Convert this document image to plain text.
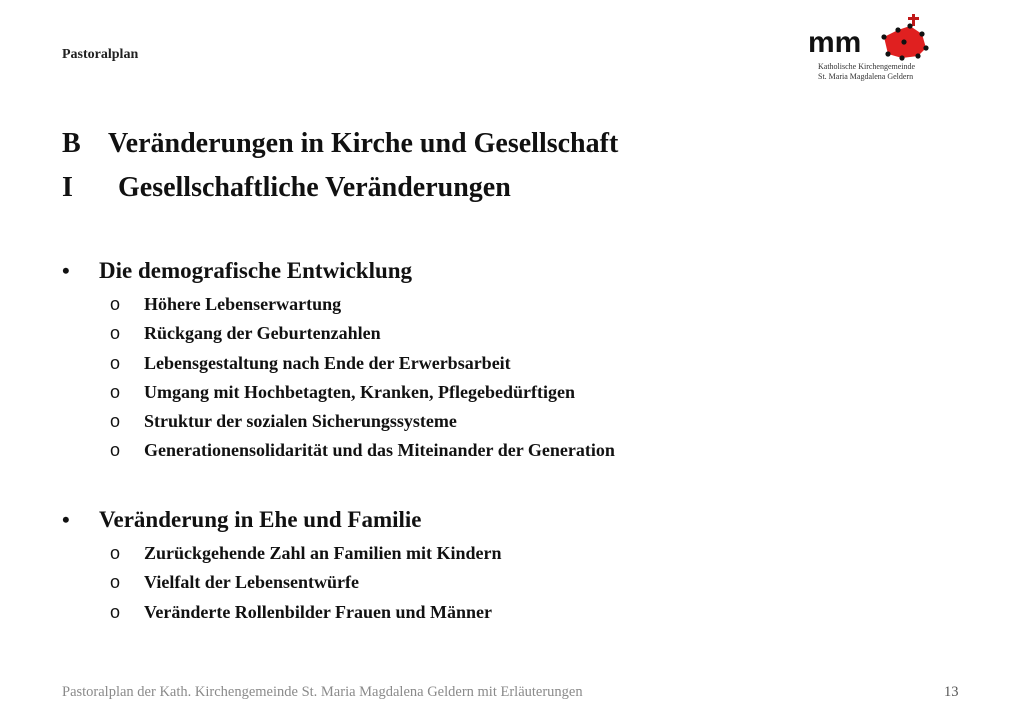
Pastoralplan	mm
Katholische Kirchengemeinde
St. Maria Magdalena Geldern
B Veränderungen in Kirche und Gesellschaft
I Gesellschaftliche Veränderungen
•	Die demografische Entwicklung
o	Höhere Lebenserwartung
o	Rückgang der Geburtenzahlen
o	Lebensgestaltung nach Ende der Erwerbsarbeit
o	Umgang mit Hochbetagten, Kranken, Pflegebedürftigen
o	Struktur der sozialen Sicherungssysteme
o	Generationensolidarität und das Miteinander der Generation
•	Veränderung in Ehe und Familie
o	Zurückgehende Zahl an Familien mit Kindern
o	Vielfalt der Lebensentwürfe
o	Veränderte Rollenbilder Frauen und Männer
Pastoralplan der Kath. Kirchengemeinde St. Maria Magdalena Geldern mit Erläuterungen	13
